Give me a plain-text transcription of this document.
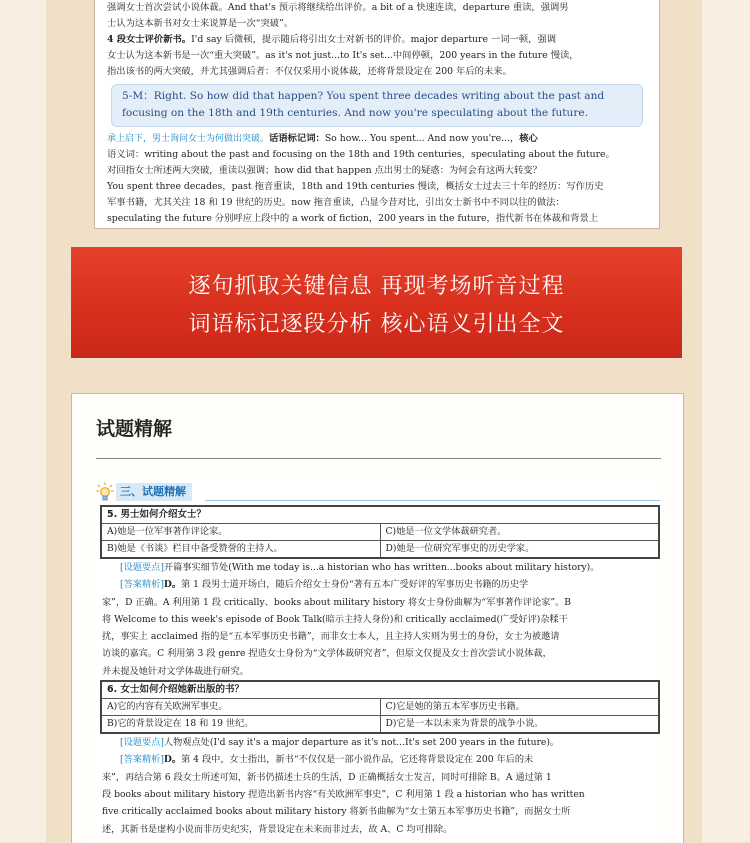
强调女士首次尝试小说体裁。And that's 预示将继续给出评价。a bit of a 快速连读，departure 重读，强调男

士认为这本新书对女士来说算是一次“突破”。

4 段女士评价新书。I'd say 后微顿，提示随后将引出女士对新书的评价。major departure 一词一顿，强调

女士认为这本新书是一次“重大突破”。as it's not just...to It's set...中间停顿，200 years in the future 慢读，

指出该书的两大突破，并尤其强调后者：不仅仅采用小说体裁，还将背景设定在 200 年后的未来。

5-M：Right. So how did that happen? You spent three decades writing about the past and focusing on the 18th and 19th centuries. And now you're speculating about the future.

承上启下，男士询问女士为何做出突破。话语标记词：So how... You spent... And now you're...，核心

语义词：writing about the past and focusing on the 18th and 19th centuries，speculating about the future。

对回指女士所述两大突破，重读以强调；how did that happen 点出男士的疑惑：为何会有这两大转变？

You spent three decades，past 拖音重读，18th and 19th centuries 慢读，概括女士过去三十年的经历：写作历史

军事书籍，尤其关注 18 和 19 世纪的历史。now 拖音重读，凸显今昔对比，引出女士新书中不同以往的做法：

speculating the future 分别呼应上段中的 a work of fiction，200 years in the future，指代新书在体裁和背景上

逐句抓取关键信息 再现考场听音过程
词语标记逐段分析 核心语义引出全文
试题精解
三、试题精解
5. 男士如何介绍女士？	
A)她是一位军事著作评论家。	C)她是一位文学体裁研究者。
B)她是《书谈》栏目中备受赞誉的主持人。	D)她是一位研究军事史的历史学家。

[设题要点]开篇事实细节处(With me today is...a historian who has written...books about military history)。

[答案精析]D。第 1 段男士道开场白，随后介绍女士身份“著有五本广受好评的军事历史书籍的历史学

家”，D 正确。A 利用第 1 段 critically、books about military history 将女士身份曲解为“军事著作评论家”。B

将 Welcome to this week's episode of Book Talk(暗示主持人身份)和 critically acclaimed(广受好评)杂糅干

扰，事实上 acclaimed 指的是“五本军事历史书籍”，而非女士本人，且主持人实则为男士的身份，女士为被邀请

访谈的嘉宾。C 利用第 3 段 genre 捏造女士身份为“文学体裁研究者”，但原文仅提及女士首次尝试小说体裁，

并未提及她针对文学体裁进行研究。

6. 女士如何介绍她新出版的书？	
A)它的内容有关欧洲军事史。	C)它是她的第五本军事历史书籍。
B)它的背景设定在 18 和 19 世纪。	D)它是一本以未来为背景的战争小说。

[设题要点]人物观点处(I'd say it's a major departure as it's not...It's set 200 years in the future)。

[答案精析]D。第 4 段中，女士指出，新书“不仅仅是一部小说作品，它还将背景设定在 200 年后的未

来”，再结合第 6 段女士所述可知，新书仍描述士兵的生活，D 正确概括女士发言，同时可排除 B。A 通过第 1

段 books about military history 捏造出新书内容“有关欧洲军事史”，C 利用第 1 段 a historian who has written

five critically acclaimed books about military history 将新书曲解为“女士第五本军事历史书籍”，而据女士所

述，其新书是虚构小说而非历史纪实，背景设定在未来而非过去，故 A、C 均可排除。
